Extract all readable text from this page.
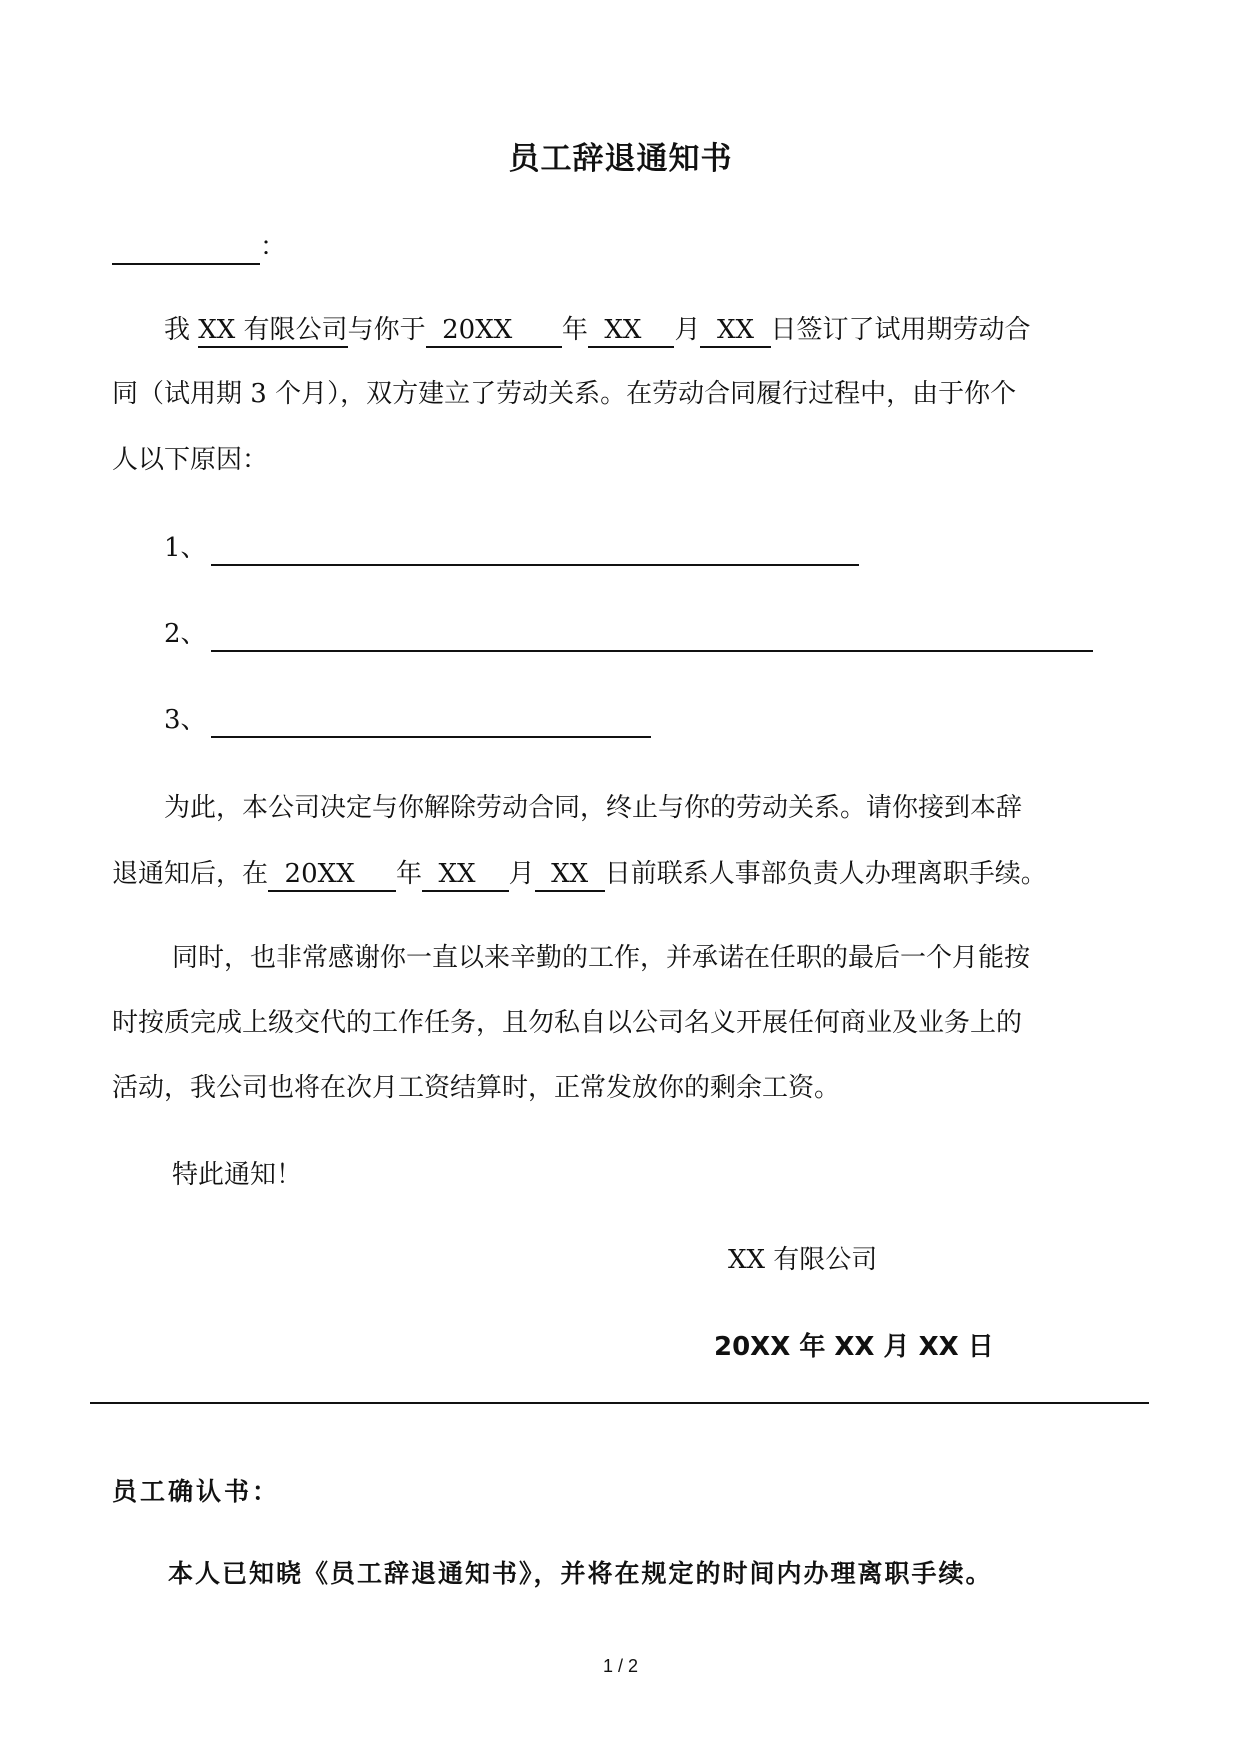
员工辞退通知书
：
我 XX 有限公司与你于  20XX      年  XX    月  XX  日签订了试用期劳动合
同（试用期 3 个月），双方建立了劳动关系。在劳动合同履行过程中，由于你个
人以下原因：
1、
2、
3、
为此，本公司决定与你解除劳动合同，终止与你的劳动关系。请你接到本辞
退通知后，在  20XX     年  XX    月  XX  日前联系人事部负责人办理离职手续。
同时，也非常感谢你一直以来辛勤的工作，并承诺在任职的最后一个月能按
时按质完成上级交代的工作任务，且勿私自以公司名义开展任何商业及业务上的
活动，我公司也将在次月工资结算时，正常发放你的剩余工资。
特此通知！
XX 有限公司
20XX 年 XX 月 XX 日
员工确认书：
本人已知晓《员工辞退通知书》，并将在规定的时间内办理离职手续。
1 / 2
